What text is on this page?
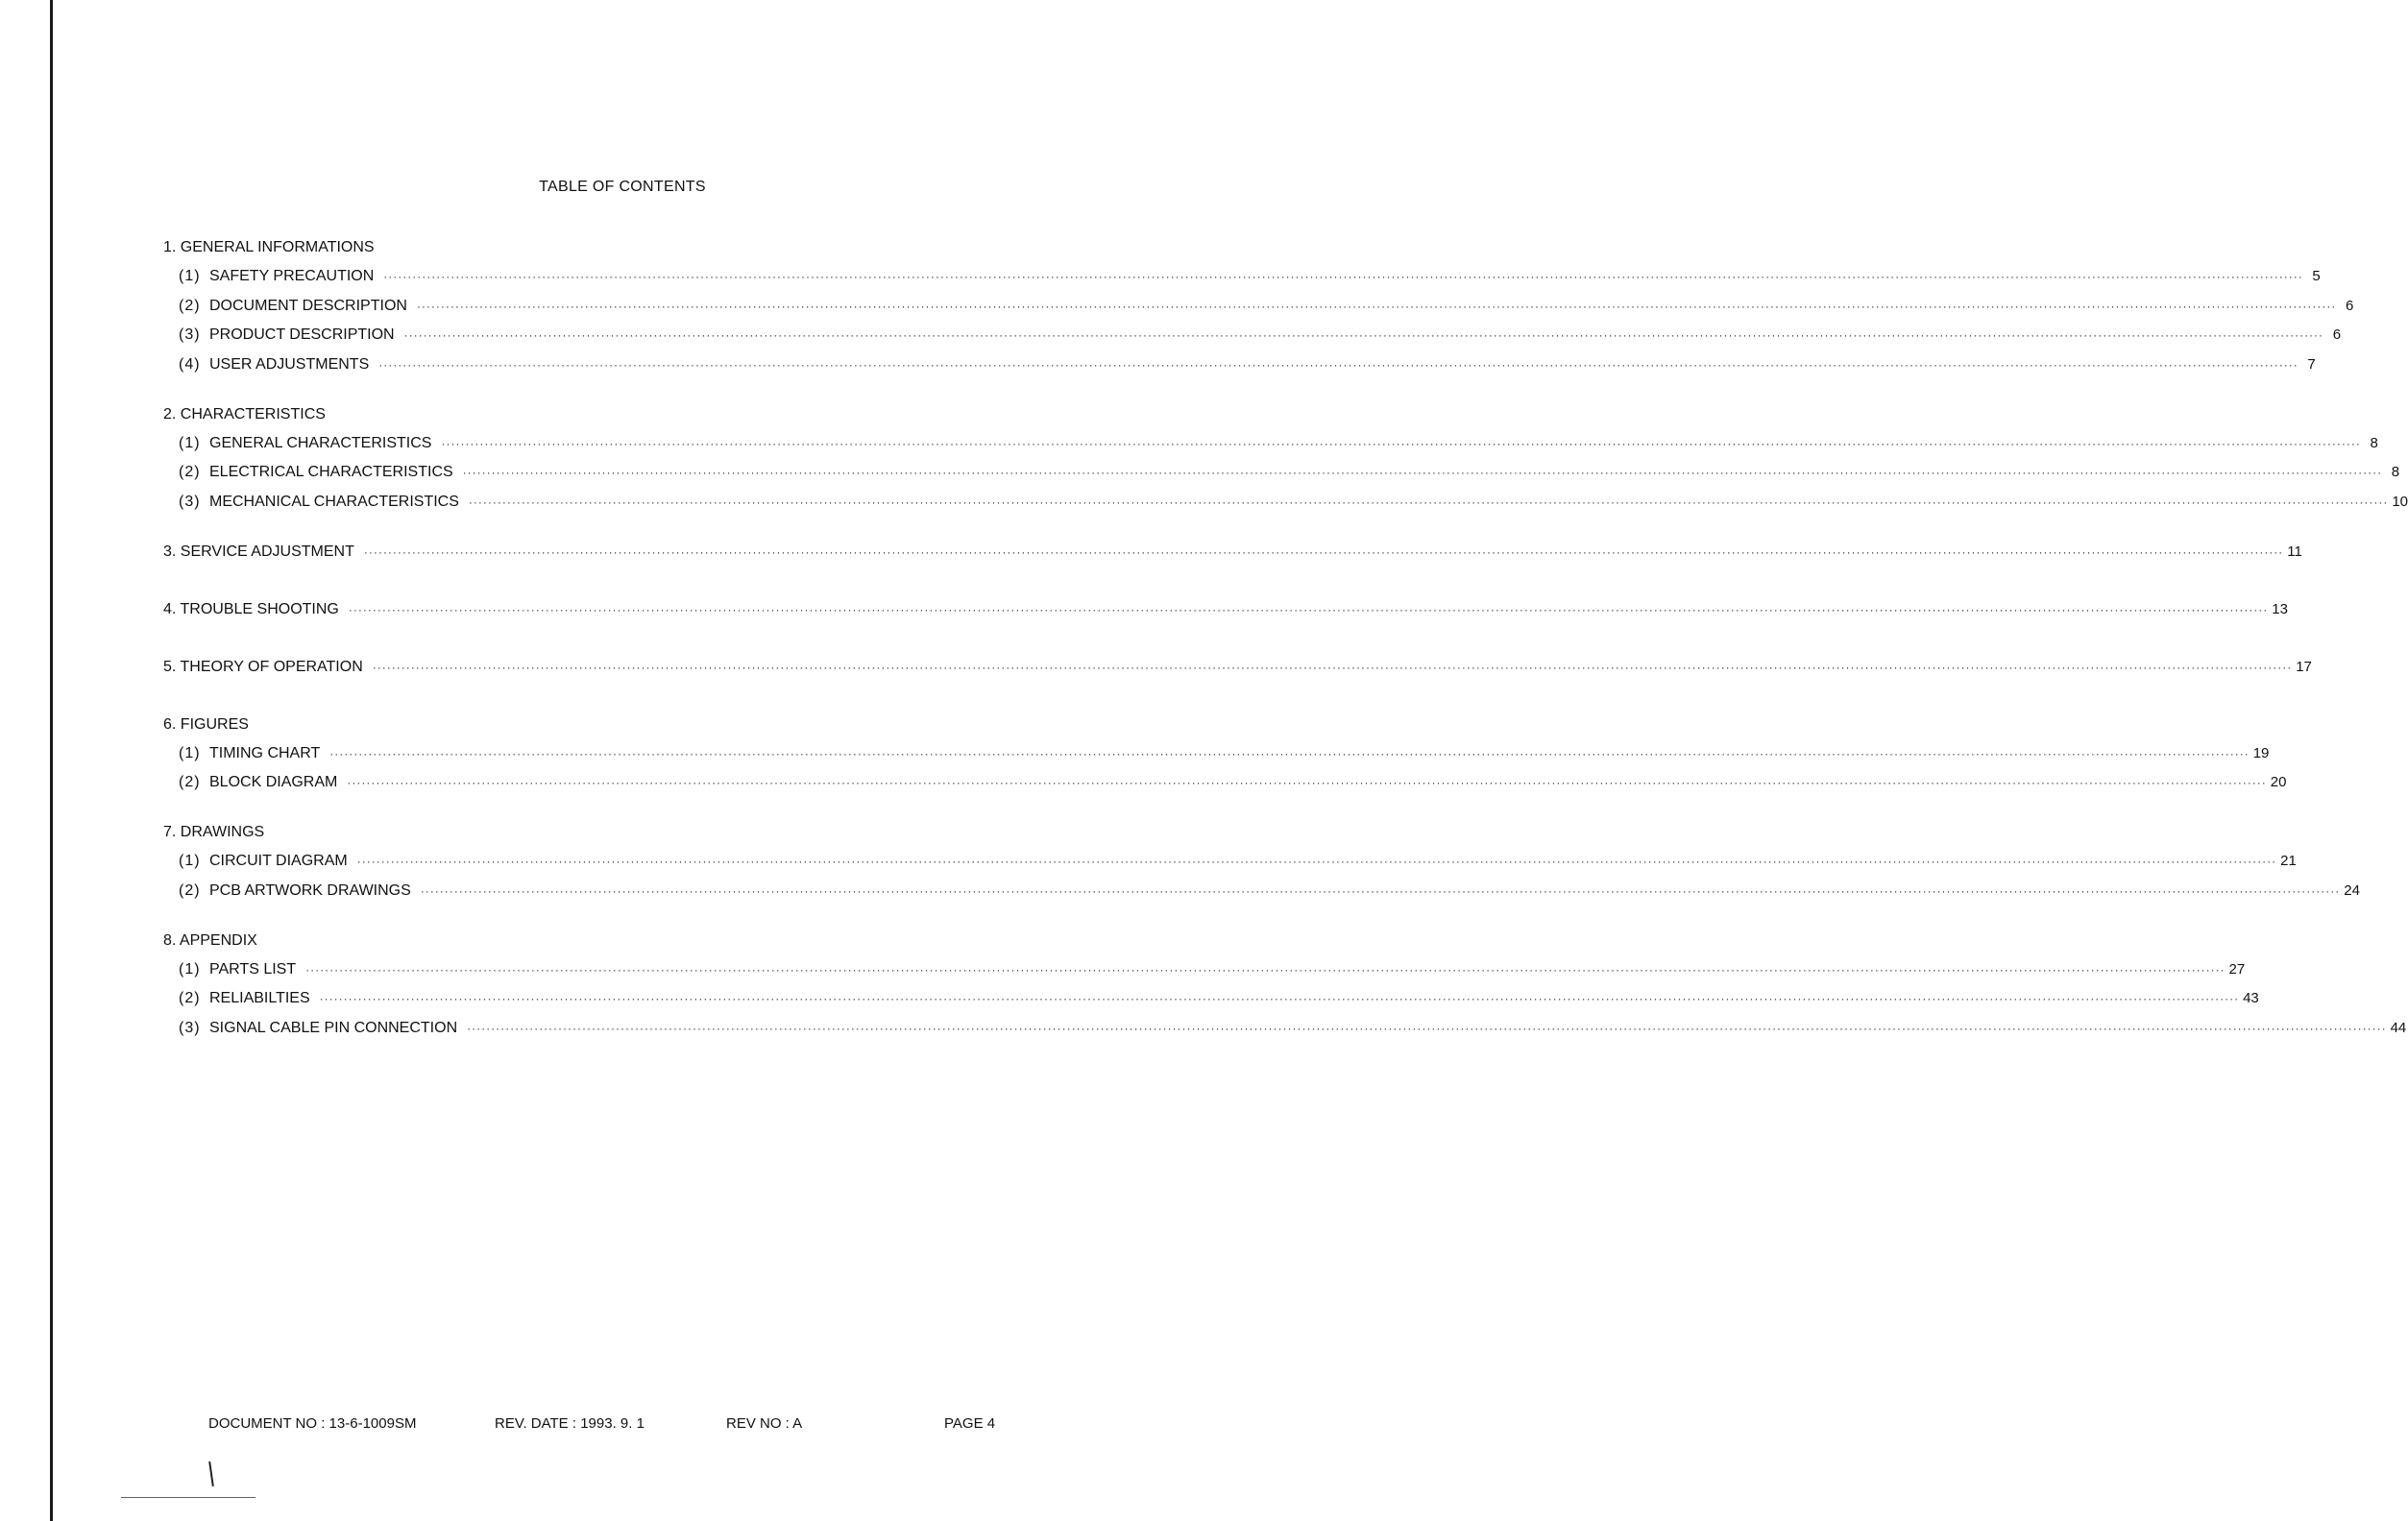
TABLE OF CONTENTS
1. GENERAL INFORMATIONS
(1) SAFETY PRECAUTION ················································································································································································································································································································································································································ 5
(2) DOCUMENT DESCRIPTION ················································································································································································································································································································································································································ 6
(3) PRODUCT DESCRIPTION ················································································································································································································································································································································································································ 6
(4) USER ADJUSTMENTS ················································································································································································································································································································································································································ 7
2. CHARACTERISTICS
(1) GENERAL CHARACTERISTICS ················································································································································································································································································································································································································ 8
(2) ELECTRICAL CHARACTERISTICS ················································································································································································································································································································································································································ 8
(3) MECHANICAL CHARACTERISTICS ················································································································································································································································································································································································································ 10
3. SERVICE ADJUSTMENT ················································································································································································································································································································································································································ 11
4. TROUBLE SHOOTING ················································································································································································································································································································································································································ 13
5. THEORY OF OPERATION ················································································································································································································································································································································································································ 17
6. FIGURES
(1) TIMING CHART ················································································································································································································································································································································································································ 19
(2) BLOCK DIAGRAM ················································································································································································································································································································································································································ 20
7. DRAWINGS
(1) CIRCUIT DIAGRAM ················································································································································································································································································································································································································ 21
(2) PCB ARTWORK DRAWINGS ················································································································································································································································································································································································································ 24
8. APPENDIX
(1) PARTS LIST ················································································································································································································································································································································································································ 27
(2) RELIABILTIES ················································································································································································································································································································································································································ 43
(3) SIGNAL CABLE PIN CONNECTION ················································································································································································································································································································································································································ 44
DOCUMENT NO : 13-6-1009SM	REV. DATE : 1993. 9. 1	REV NO : A	PAGE 4
